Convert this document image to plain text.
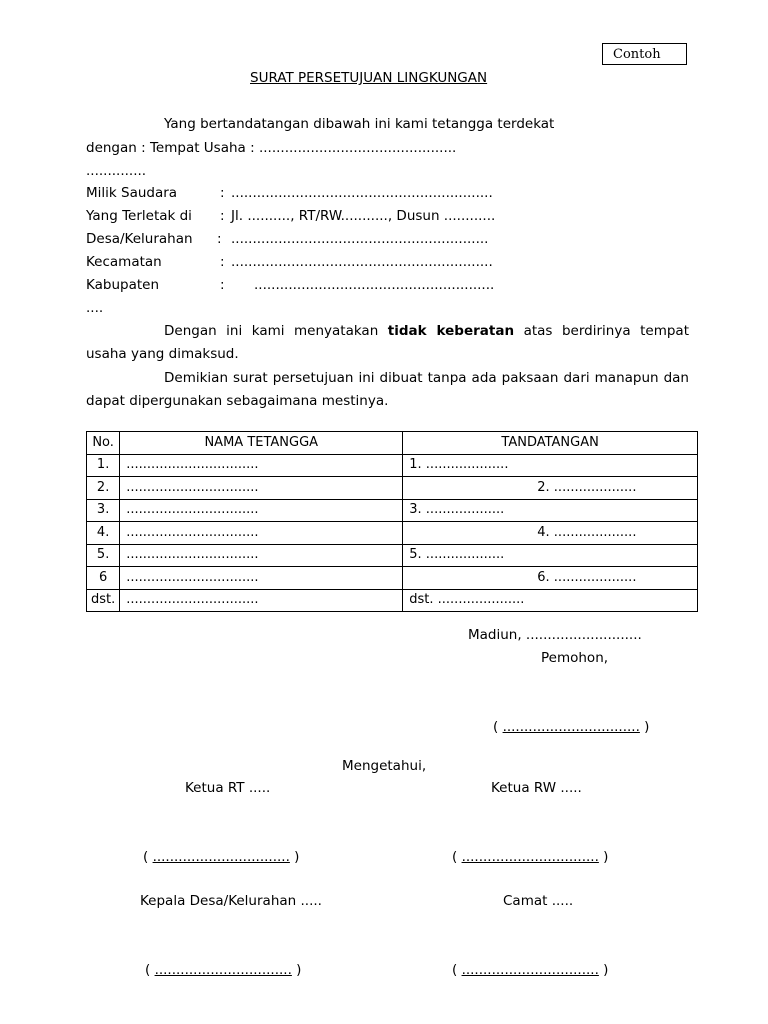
Contoh
SURAT PERSETUJUAN LINGKUNGAN
Yang bertandatangan dibawah ini kami tetangga terdekat
dengan : Tempat Usaha : ..............................................
..............
Milik Saudara	: .............................................................
Yang Terletak di : Jl. .........., RT/RW..........., Dusun ............
Desa/Kelurahan : ............................................................
Kecamatan	: .............................................................
Kabupaten	: ........................................................
....
Dengan ini kami menyatakan tidak keberatan atas berdirinya tempat usaha yang dimaksud.
Demikian surat persetujuan ini dibuat tanpa ada paksaan dari manapun dan dapat dipergunakan sebagaimana mestinya.
No.	NAMA TETANGGA	TANDATANGAN
1.	................................	1. ....................
2.	................................	2. ....................
3.	................................	3. ...................
4.	................................	4. ....................
5.	................................	5. ...................
6	................................	6. ....................
dst.	................................	dst. .....................
Madiun, ...........................
Pemohon,
( ................................ )
Mengetahui,
Ketua RT .....	Ketua RW .....
( ................................ )	( ................................ )
Kepala Desa/Kelurahan .....	Camat .....
( ................................ )	( ................................ )
